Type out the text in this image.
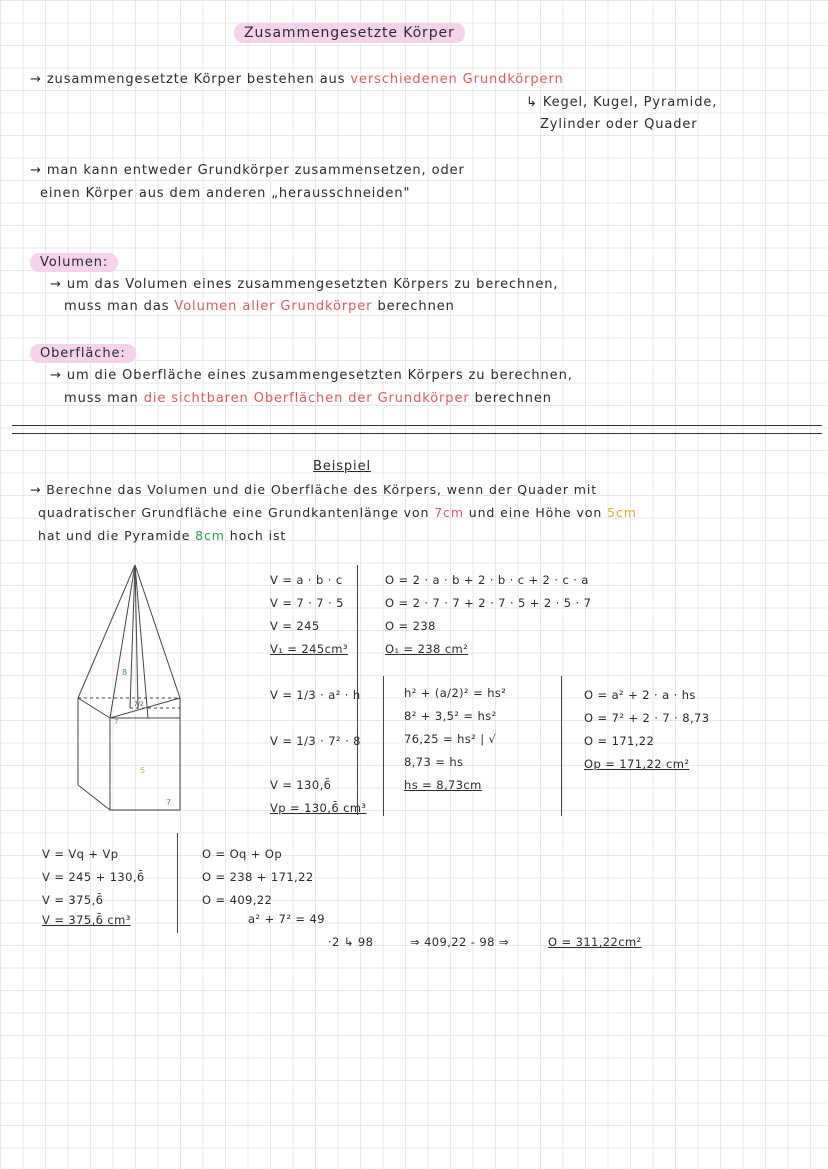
Zusammengesetzte Körper
→ zusammengesetzte Körper bestehen aus verschiedenen Grundkörpern
↳ Kegel, Kugel, Pyramide,
Zylinder oder Quader
→ man kann entweder Grundkörper zusammensetzen, oder
einen Körper aus dem anderen „herausschneiden"
Volumen:
→ um das Volumen eines zusammengesetzten Körpers zu berechnen,
muss man das Volumen aller Grundkörper berechnen
Oberfläche:
→ um die Oberfläche eines zusammengesetzten Körpers zu berechnen,
muss man die sichtbaren Oberflächen der Grundkörper berechnen
Beispiel
→ Berechne das Volumen und die Oberfläche des Körpers, wenn der Quader mit
quadratischer Grundfläche eine Grundkantenlänge von 7cm und eine Höhe von 5cm
hat und die Pyramide 8cm hoch ist
8
7
7/2
5
7
V = a · b · c
V = 7 · 7 · 5
V = 245
V₁ = 245cm³
O = 2 · a · b + 2 · b · c + 2 · c · a
O = 2 · 7 · 7 + 2 · 7 · 5 + 2 · 5 · 7
O = 238
O₁ = 238 cm²
V = 1/3 · a² · h
V = 1/3 · 7² · 8
V = 130,6̄
Vp = 130,6̄ cm³
h² + (a/2)² = hs²
8² + 3,5² = hs²
76,25 = hs² | √
8,73 = hs
hs = 8,73cm
O = a² + 2 · a · hs
O = 7² + 2 · 7 · 8,73
O = 171,22
Op = 171,22 cm²
V = Vq + Vp
V = 245 + 130,6̄
V = 375,6̄
V = 375,6̄ cm³
O = Oq + Op
O = 238 + 171,22
O = 409,22
a² + 7² = 49
·2 ↳ 98	⇒ 409,22 - 98 ⇒	O = 311,22cm²
